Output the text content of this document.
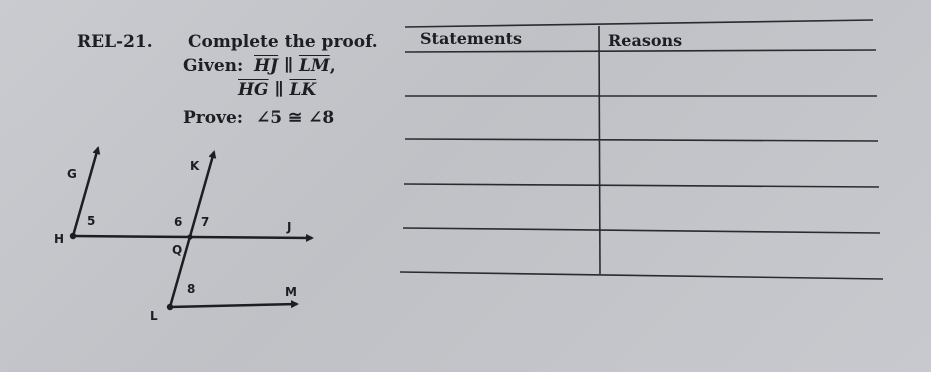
REL-21. Complete the proof.
Given: $\overline{HJ}$ ∥ $\overline{LM}$,
$\overline{HG}$ ∥ $\overline{LK}$
Prove: ∠5 ≅ ∠8
G
K
H
J
Q
L
M
5	6 7
8
Statements	Reasons
